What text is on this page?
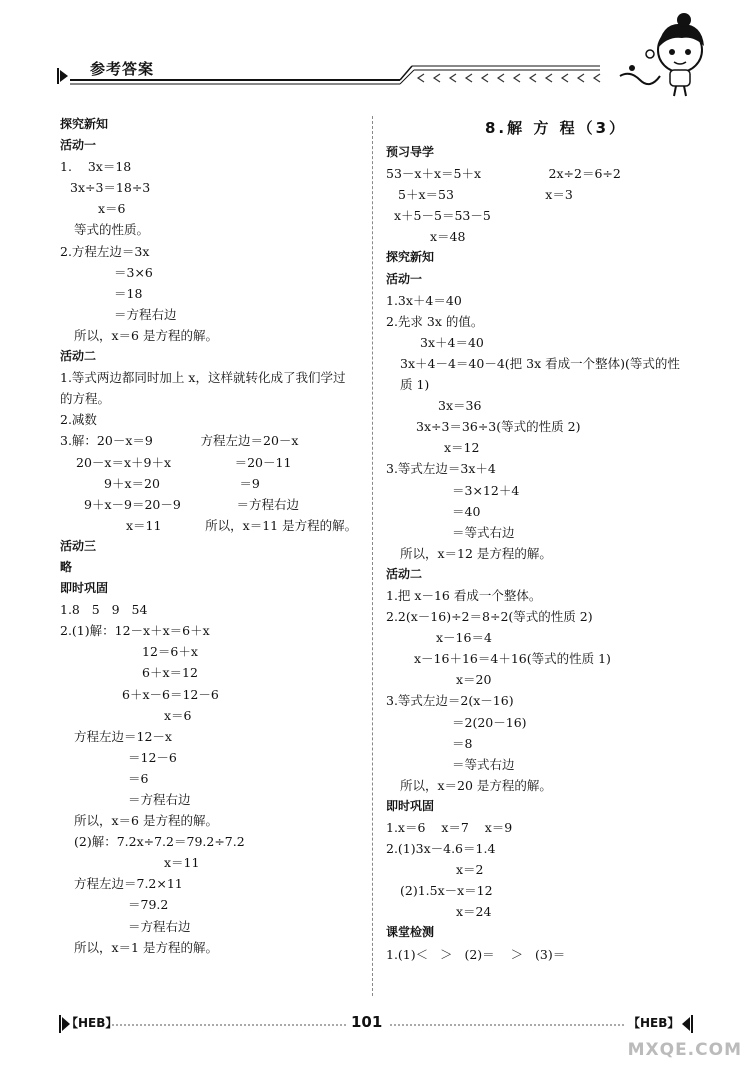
参考答案
探究新知
活动一
1.    3x＝18
3x÷3＝18÷3
x＝6
等式的性质。
2.方程左边＝3x
＝3×6
＝18
＝方程右边
所以，x＝6 是方程的解。
活动二
1.等式两边都同时加上 x，这样就转化成了我们学过
的方程。
2.减数
3.解：20－x＝9            方程左边＝20－x
20－x＝x＋9＋x                ＝20－11
9＋x＝20                    ＝9
9＋x－9＝20－9              ＝方程右边
x＝11           所以，x＝11 是方程的解。
活动三
略
即时巩固
1.8   5   9   54
2.(1)解：12－x＋x＝6＋x
12＝6＋x
6＋x＝12
6＋x－6＝12－6
x＝6
方程左边＝12－x
＝12－6
＝6
＝方程右边
所以，x＝6 是方程的解。
(2)解：7.2x÷7.2＝79.2÷7.2
x＝11
方程左边＝7.2×11
＝79.2
＝方程右边
所以，x＝1 是方程的解。
8.解 方 程（3）
预习导学
53－x＋x＝5＋x                 2x÷2＝6÷2
5＋x＝53                       x＝3
x＋5－5＝53－5
x＝48
探究新知
活动一
1.3x＋4＝40
2.先求 3x 的值。
3x＋4＝40
3x＋4－4＝40－4(把 3x 看成一个整体)(等式的性
质 1)
3x＝36
3x÷3＝36÷3(等式的性质 2)
x＝12
3.等式左边＝3x＋4
＝3×12＋4
＝40
＝等式右边
所以，x＝12 是方程的解。
活动二
1.把 x－16 看成一个整体。
2.2(x－16)÷2＝8÷2(等式的性质 2)
x－16＝4
x－16＋16＝4＋16(等式的性质 1)
x＝20
3.等式左边＝2(x－16)
＝2(20－16)
＝8
＝等式右边
所以，x＝20 是方程的解。
即时巩固
1.x＝6    x＝7    x＝9
2.(1)3x－4.6＝1.4
x＝2
(2)1.5x－x＝12
x＝24
课堂检测
1.(1)＜   ＞   (2)＝    ＞   (3)＝
【HEB】	101	【HEB】
MXQE.COM
